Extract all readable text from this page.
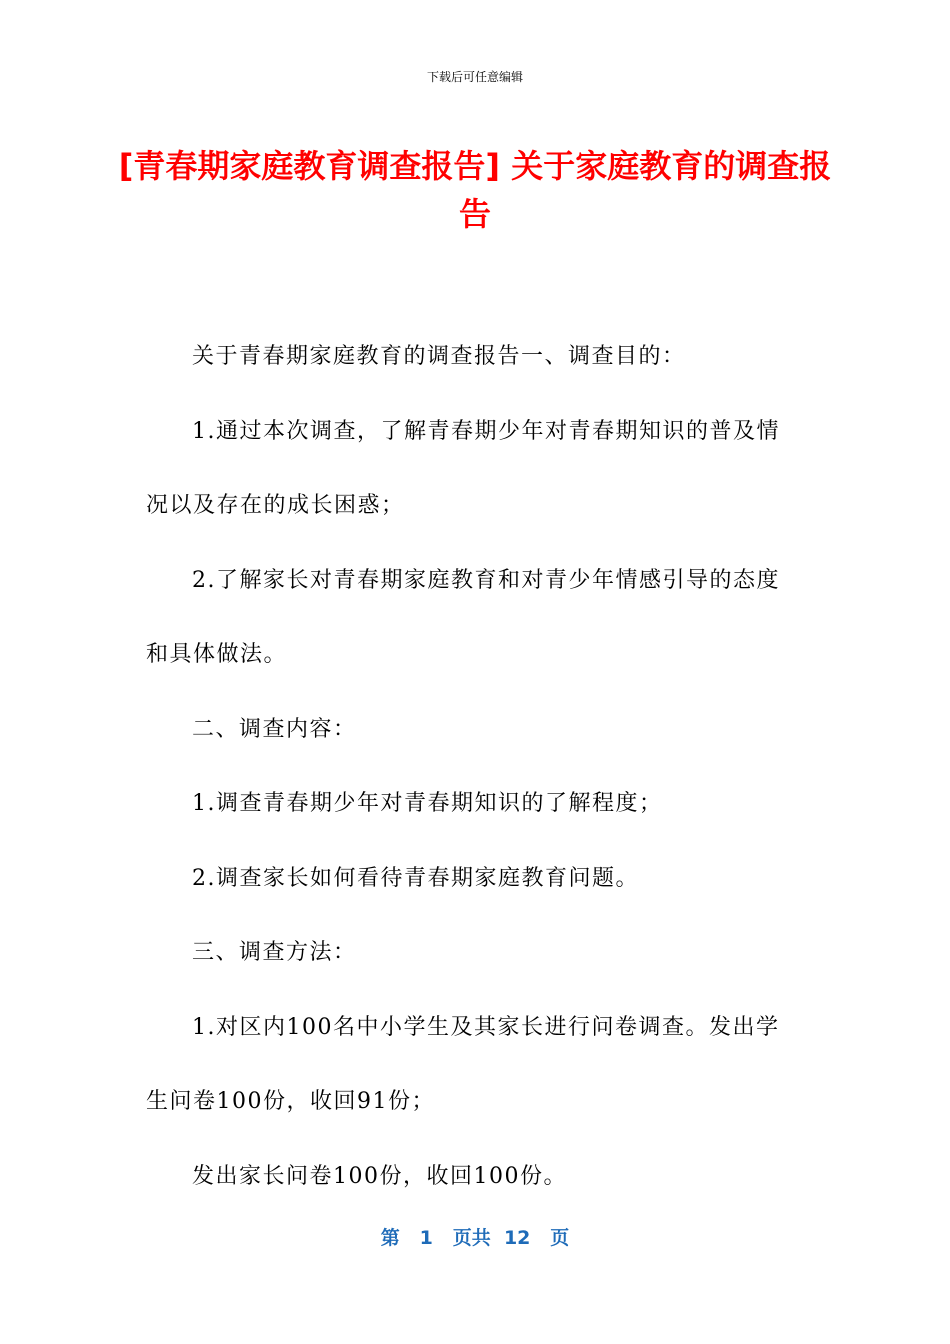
下载后可任意编辑
[青春期家庭教育调查报告] 关于家庭教育的调查报告

关于青春期家庭教育的调查报告一、调查目的：

1.通过本次调查，了解青春期少年对青春期知识的普及情况以及存在的成长困惑；

2.了解家长对青春期家庭教育和对青少年情感引导的态度和具体做法。

二、调查内容：

1.调查青春期少年对青春期知识的了解程度；

2.调查家长如何看待青春期家庭教育问题。

三、调查方法：

1.对区内100名中小学生及其家长进行问卷调查。发出学生问卷100份，收回91份；

发出家长问卷100份，收回100份。

第 1 页共 12 页
